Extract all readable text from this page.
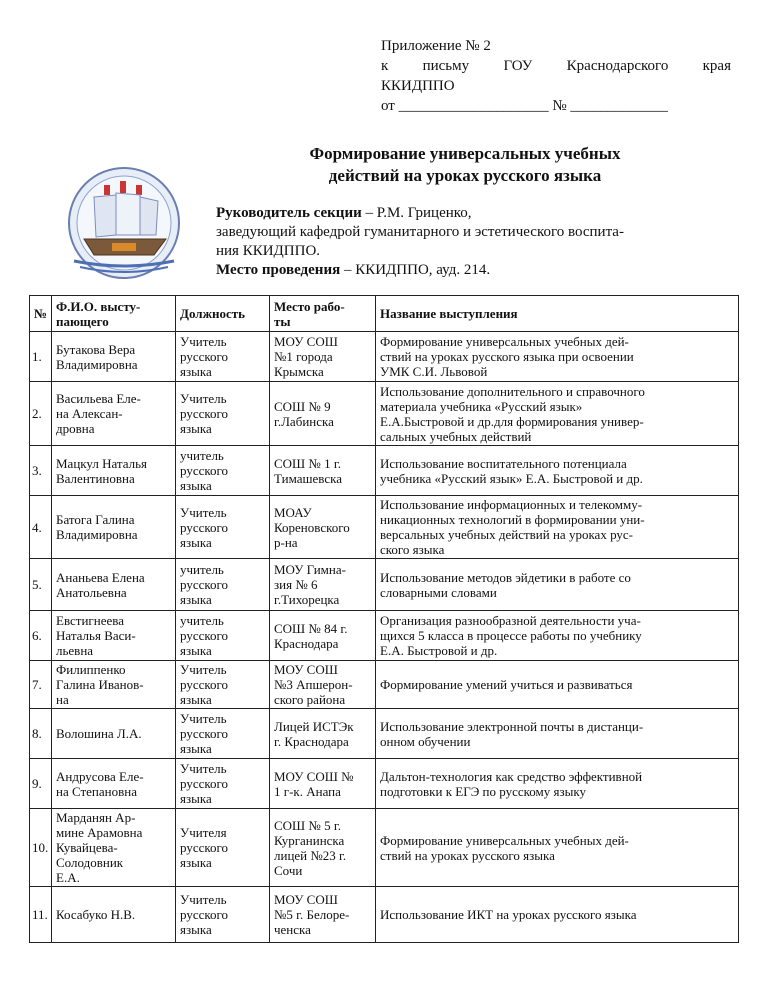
Приложение № 2
к письму ГОУ Краснодарского края
ККИДППО
от ____________________ № _____________
Формирование универсальных учебных
действий на уроках русского языка
Руководитель секции – Р.М. Гриценко,
заведующий кафедрой гуманитарного и эстетического воспита-
ния ККИДППО.
Место проведения – ККИДППО, ауд. 214.
№	Ф.И.О. высту-
пающего	Должность	Место рабо-
ты	Название выступления
1.	Бутакова Вера
Владимировна	Учитель
русского
языка	МОУ СОШ
№1 города
Крымска	Формирование универсальных учебных дей-
ствий на уроках русского языка при освоении
УМК С.И. Львовой
2.	Васильева Еле-
на Алексан-
дровна	Учитель
русского
языка	СОШ № 9
г.Лабинска	Использование дополнительного и справочного
материала учебника «Русский язык»
Е.А.Быстровой и др.для формирования универ-
сальных учебных действий
3.	Мацкул Наталья
Валентиновна	учитель
русского
языка	СОШ № 1 г.
Тимашевска	Использование воспитательного потенциала
учебника «Русский язык» Е.А. Быстровой и др.
4.	Батога Галина
Владимировна	Учитель
русского
языка	МОАУ
Кореновского
р-на	Использование информационных и телекомму-
никационных технологий в формировании уни-
версальных учебных действий на уроках рус-
ского языка
5.	Ананьева Елена
Анатольевна	учитель
русского
языка	МОУ Гимна-
зия № 6
г.Тихорецка	Использование методов эйдетики в работе со
словарными словами
6.	Евстигнеева
Наталья Васи-
льевна	учитель
русского
языка	СОШ № 84 г.
Краснодара	Организация разнообразной деятельности уча-
щихся 5 класса в процессе работы по учебнику
Е.А. Быстровой и др.
7.	Филиппенко
Галина Иванов-
на	Учитель
русского
языка	МОУ СОШ
№3 Апшерон-
ского района	Формирование умений учиться и развиваться
8.	Волошина Л.А.	Учитель
русского
языка	Лицей ИСТЭк
г. Краснодара	Использование электронной почты в дистанци-
онном обучении
9.	Андрусова Еле-
на Степановна	Учитель
русского
языка	МОУ СОШ №
1 г-к. Анапа	Дальтон-технология как средство эффективной
подготовки к ЕГЭ по русскому языку
10.	Марданян Ар-
мине Арамовна
Кувайцева-
Солодовник
Е.А.	Учителя
русского
языка	СОШ № 5 г.
Курганинска
лицей №23 г.
Сочи	Формирование универсальных учебных дей-
ствий на уроках русского языка
11.	Косабуко Н.В.	Учитель
русского
языка	МОУ СОШ
№5 г. Белоре-
ченска	Использование ИКТ на уроках русского языка
